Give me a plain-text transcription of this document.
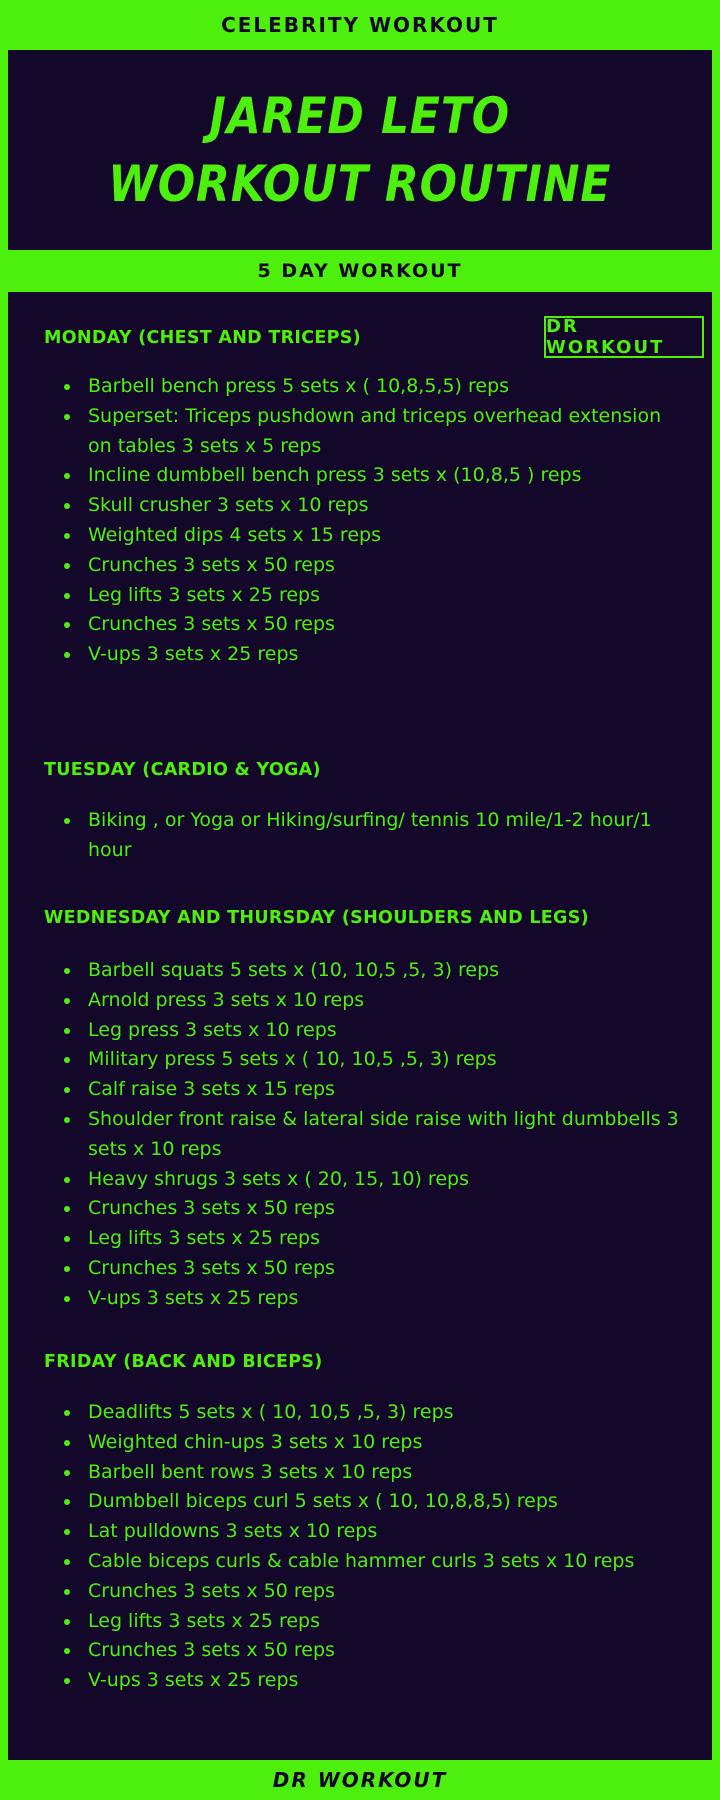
CELEBRITY WORKOUT
JARED LETO
WORKOUT ROUTINE
5 DAY WORKOUT
DR WORKOUT
MONDAY (CHEST AND TRICEPS)
Barbell bench press 5 sets x ( 10,8,5,5) reps
Superset: Triceps pushdown and triceps overhead extension on tables 3 sets x 5 reps
Incline dumbbell bench press 3 sets x (10,8,5 ) reps
Skull crusher 3 sets x 10 reps
Weighted dips 4 sets x 15 reps
Crunches 3 sets x 50 reps
Leg lifts 3 sets x 25 reps
Crunches 3 sets x 50 reps
V-ups 3 sets x 25 reps
TUESDAY (CARDIO & YOGA)
Biking , or Yoga or Hiking/surfing/ tennis 10 mile/1-2 hour/1 hour
WEDNESDAY AND THURSDAY (SHOULDERS AND LEGS)
Barbell squats 5 sets x (10, 10,5 ,5, 3) reps
Arnold press 3 sets x 10 reps
Leg press 3 sets x 10 reps
Military press 5 sets x ( 10, 10,5 ,5, 3) reps
Calf raise 3 sets x 15 reps
Shoulder front raise & lateral side raise with light dumbbells 3 sets x 10 reps
Heavy shrugs 3 sets x ( 20, 15, 10) reps
Crunches 3 sets x 50 reps
Leg lifts 3 sets x 25 reps
Crunches 3 sets x 50 reps
V-ups 3 sets x 25 reps
FRIDAY (BACK AND BICEPS)
Deadlifts 5 sets x ( 10, 10,5 ,5, 3) reps
Weighted chin-ups 3 sets x 10 reps
Barbell bent rows 3 sets x 10 reps
Dumbbell biceps curl 5 sets x ( 10, 10,8,8,5) reps
Lat pulldowns 3 sets x 10 reps
Cable biceps curls & cable hammer curls 3 sets x 10 reps
Crunches 3 sets x 50 reps
Leg lifts 3 sets x 25 reps
Crunches 3 sets x 50 reps
V-ups 3 sets x 25 reps
DR WORKOUT
